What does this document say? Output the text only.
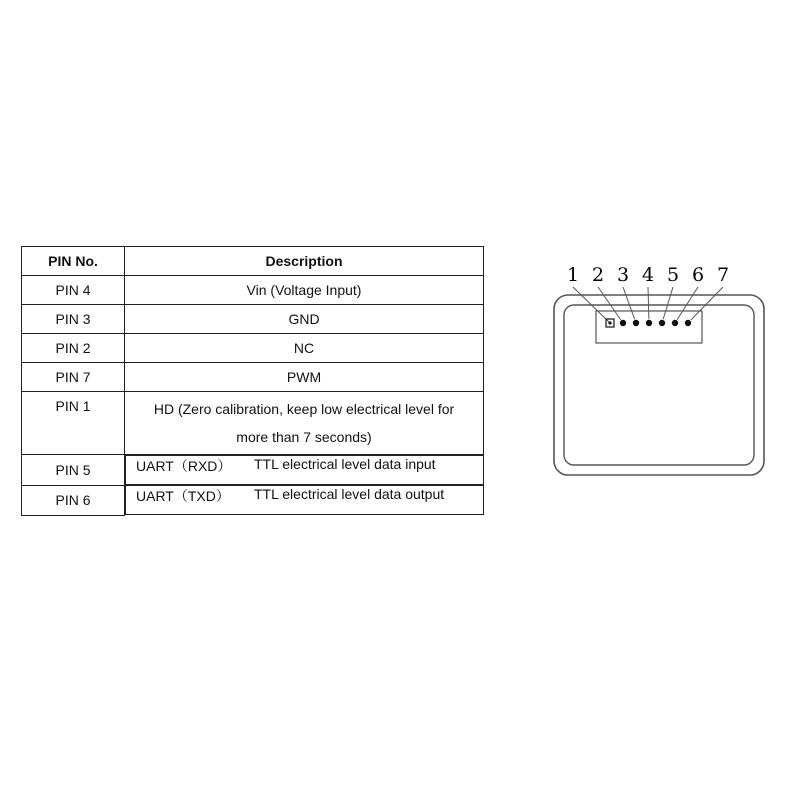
PIN No.	Description
PIN 4	Vin (Voltage Input)
PIN 3	GND
PIN 2	NC
PIN 7	PWM
PIN 1	HD (Zero calibration, keep low electrical level for
more than 7 seconds)

PIN 5		UART（RXD）	TTL electrical level data input

PIN 6		UART（TXD）	TTL electrical level data output
1 2 3 4 5 6 7
